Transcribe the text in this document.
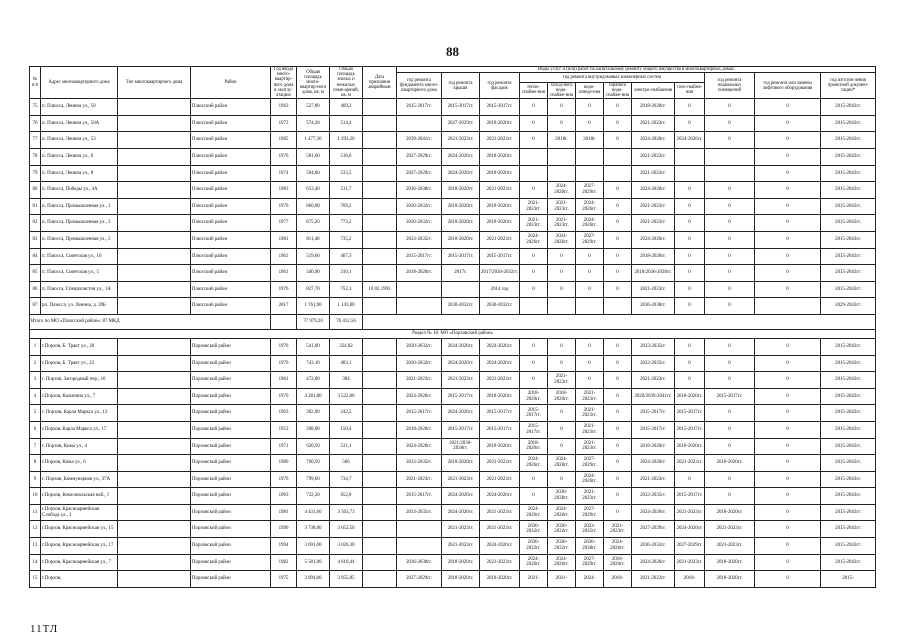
88
№ п/п	Адрес многоквартирного дома	Тип многоквартирного дома	Район	Год ввода много-квартир-ного дома в эксплу-атацию	Общая площадь много-квартир-ного дома, кв. м	Общая площадь жилых и нежилых поме-щений, кв. м	Дата признания аварийным	Виды услуг и (или) работ по капитальному ремонту общего имущества в многоквартирных домах											
								год ремонта фундамента много-квартирного дома	год ремонта крыши	год ремонта фасадов	год ремонта внутридомовых инженерных систем						год ремонта подвальных помещений	год ремонта или замены лифтового оборудования	год изготов-ления проектной докумен-тации*
											тепло-снабже-ния	холод-ного водо-снабже-ния	водо-отведе-ния	горячего водо-снабже-ния	электро-снабжения	газо-снабже-ния			
75	п. Плюсса, Ленина ул., 50		Плюсский район	1963	527,80	469,2		2015-2017гг.	2015-2017гг.	2015-2017гг.	0	0	0	0	2018-2020гг.	0	0	0	2015-2043гг.
76	п. Плюсса, Ленина ул., 50А		Плюсский район	1973	574,30	514,4			2027-2029гг.	2018-2020гг.	0	0	0	0	2021-2023гг.	0	0	0	2015-2043гг.
77	п. Плюсса, Ленина ул., 53		Плюсский район	1985	1 477,30	1 293,20		2039-2041гг.	2021-2023гг.	2021-2023гг.	0	2018г.	2018г.	0	2024-2026гг.	2024-2026гг.	0	0	2015-2043гг.
78	п. Плюсса, Ленина ул., 6		Плюсский район	1976	581,60	518,6		2027-2029гг.	2024-2026гг.	2018-2020гг.					2021-2023гг.			0	2015-2043гг.
79	п. Плюсса, Ленина ул., 8		Плюсский район	1974	594,60	533,5		2027-2029гг.	2024-2026гг.	2018-2020гг.					2021-2023гг.			0	2015-2043гг.
80	п. Плюсса, Победы ул., 4А		Плюсский район	1983	613,40	511,7		2036-2038гг.	2018-2020гг.	2021-2023гг.	0	2024-2026гг.	2027-2029гг.	0	2024-2026гг.	0	0	0	2015-2043гг.
81	п. Плюсса, Промышленная ул., 1		Плюсский район	1976	860,00	769,2		2030-2032гг.	2018-2020гг.	2018-2020гг.	2021-2023гг.	2021-2023гг.	2024-2026гг.	0	2021-2023гг.	0	0	0	2015-2043гг.
82	п. Плюсса, Промышленная ул., 3		Плюсский район	1977	875,20	773,2		2030-2032гг.	2018-2020гг.	2018-2020гг.	2021-2023гг.	2021-2023гг.	2024-2026гг.	0	2021-2023гг.	0	0	0	2015-2043гг.
83	п. Плюсса, Промышленная ул., 5		Плюсский район	1981	811,40	735,2		2033-2035гг.	2018-2020гг.	2021-2023гг.	2024-2026гг.	2024-2026гг.	2027-2029гг.	0	2024-2026гг.	0	0	0	2015-2043гг.
84	п. Плюсса, Советская ул., 16		Плюсский район	1963	519,60	467,3		2015-2017гг.	2015-2017гг.	2015-2017гг.	0	0	0	0	2018-2020гг.	0	0	0	2015-2043гг.
85	п. Плюсса, Советская ул., 5		Плюсский район	1961	346,90	310,1		2018-2020гг.	2017г.	2017/2030-2032гг.	0	0	0	0	2018/2036-2038гг.	0	0	0	2015-2043гг.
86	п. Плюсса, Специалистов ул., 1А		Плюсский район	1976	827,70	752,3	16.02.1993			2014 год	0	0	0	0	2021-2023гг.	0	0	0	2015-2043гг.
87	рп. Плюсса, ул. Ленина, д. 39Б		Плюсский район	2017	1 761,90	1 143,80			2030-2032гг.	2030-2032гг.					2036-2038гг.	0	0		2029-2043гг.
Итого по МО «Плюсский район»: 87 МКД					77 979,20	70 412,56													
Раздел № 18. МО «Порховский район»																			
1	г.Порхов, Б. Тракт ул., 28		Порховский район	1976	541,00	324,82		2030-2032гг.	2024-2026гг.	2024-2026гг.	0	0	0	0	2033-2035гг.	0	0	0	2015-2043гг.
2	г.Порхов, Б. Тракт ул., 23		Порховский район	1976	743,10	403,1		2030-2032гг.	2024-2026гг.	2024-2026гг.	0	0	0	0	2033-2035гг.	0	0	0	2015-2043гг.
3	г. Порхов, Загородный пер., 10		Порховский район	1961	472,00	304		2021-2023гг.	2021-2023гг.	2021-2023гг.	0	2021-2023гг.	0	0	2021-2023гг.	0	0	0	2015-2043гг.
4	г.Порхов, Калинина ул., 7		Порховский район	1970	4 281,80	3 522,00		2024-2026гг.	2015-2017гг.	2018-2020гг.	2018-2020гг.	2018-2020гг.	2021-2023гг.	0	2020/2039-2041гг.	2018-2020гг.	2015-2017гг.	0	2015-2043гг.
5	г. Порхов, Карла Маркса ул., 13		Порховский район	1963	302,90	242,5		2015-2017гг.	2024-2026гг.	2015-2017гг.	2015-2017гг.	0	2021-2023гг.	0	2015-2017гг.	2015-2017гг.	0	0	2015-2043гг.
6	г.Порхов, Карла Маркса ул., 17		Порховский район	1953	208,00	150,4		2018-2020гг.	2015-2017гг.	2015-2017гг.	2015-2017гг.	0	2021-2023гг.	0	2015-2017гг.	2015-2017гг.	0	0	2015-2043гг.
7	г. Порхов, Кима ул., 4		Порховский район	1971	620,50	531,1		2024-2026гг.	2021/2036-2038гг.	2018-2020гг.	2018-2020гг.	0	2021-2023гг.	0	2018-2020гг.	2018-2020гг.	0	0	2015-2043гг.
8	г.Порхов, Кима ул., 6		Порховский район	1980	760,50	566		2033-2035гг.	2018-2020гг.	2021-2023гг.	2024-2026гг.	2024-2026гг.	2027-2029гг.	0	2024-2026гг.	2021-2023гг.	2018-2020гг.	0	2015-2043гг.
9	г. Порхов, Коммунарная ул., 37А		Порховский район	1976	799,60	734,7		2021-2023гг.	2021-2023гг.	2021-2023гг.	0	0	2024-2026гг.	0	2021-2023гг.	0	0	0	2015-2043гг.
10	г.Порхов, Комсомольская наб., 1		Порховский район	1963	722,20	652,8		2015-2017гг.	2024-2026гг.	2024-2026гг.	0	2036-2038гг.	2021-2023гг.	0	2033-2035гг.	2015-2017гг.	0	0	2015-2043гг.
11	г.Порхов, Красноармейская Слобода ул., 1		Порховский район	1981	4 431,60	3 563,73		2033-2035гг.	2024-2026гг.	2021-2023гг.	2024-2026гг.	2024-2026гг.	2027-2029гг.	0	2024-2026гг.	2021-2023гг.	2018-2020гг.	0	2015-2043гг.
12	г.Порхов, Красноармейская ул., 15		Порховский район	1990	3 738,00	3 052,50			2021-2023гг.	2021-2023гг.	2030-2032гг.	2030-2032гг.	2033-2035гг.	2021-2023гг.	2027-2029гг.	2024-2026гг.	2021-2023гг.	0	2015-2043гг.
13	г.Порхов, Красноармейская ул., 17		Порховский район	1994	3 691,00	3 026,30			2021-2023гг.	2024-2026гг.	2030-2032гг.	2030-2032гг.	2036-2038гг.	2024-2026гг.	2030-2032гг.	2027-2029гг.	2021-2023гг.	0	2015-2043гг.
14	г.Порхов, Красноармейская ул., 7		Порховский район	1982	5 581,00	4 610,44		2036-2038гг.	2018-2020гг.	2021-2023гг.	2024-2026гг.	2024-2026гг.	2027-2029гг.	2018-2020гг.	2024-2026гг.	2021-2023гг.	2018-2020гг.	0	2015-2043гг.
15	г.Порхов,		Порховский район	1975	3 894,00	3 055,85		2027-2029гг.	2018-2020гг.	2018-2020гг.	2021-	2021-	2024-	2018-	2021-2023гг.	2018-	2018-2020гг.	0	2015-
11ТЛ
